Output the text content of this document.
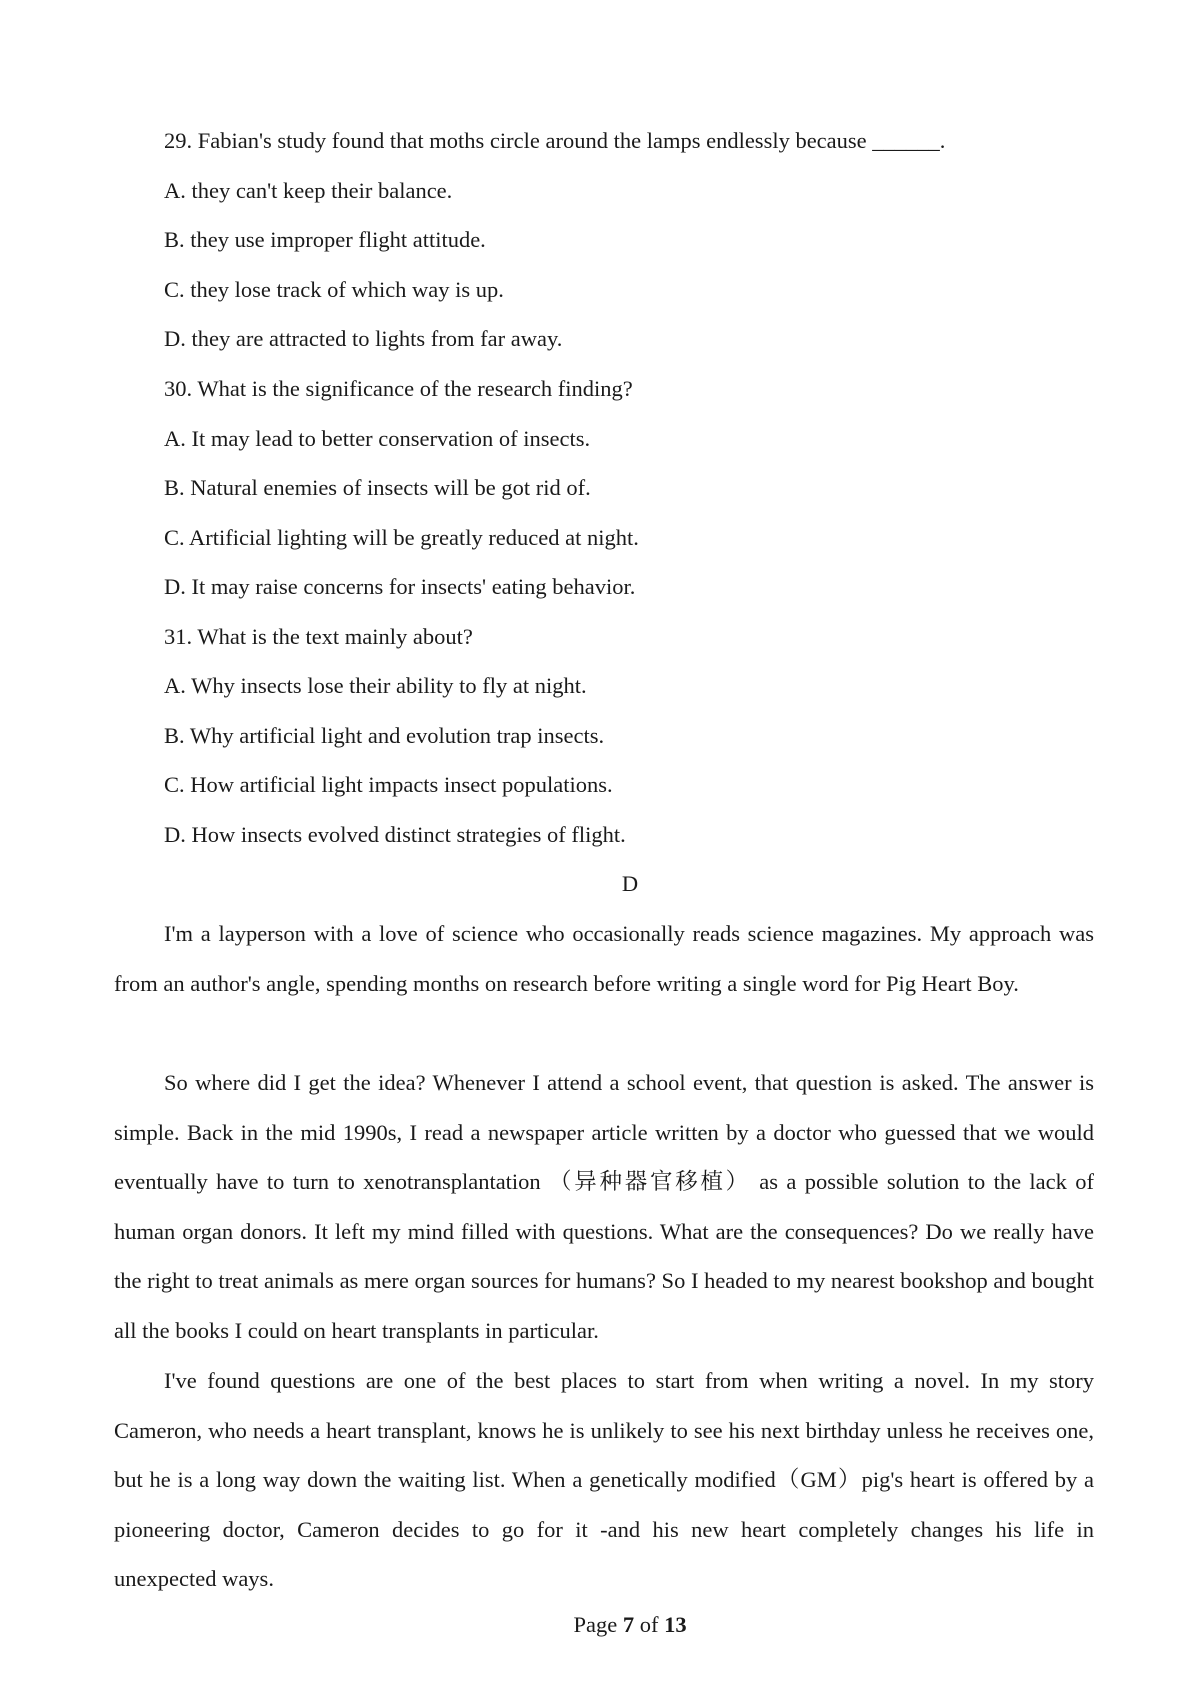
29. Fabian's study found that moths circle around the lamps endlessly because ______.
A. they can't keep their balance.
B. they use improper flight attitude.
C. they lose track of which way is up.
D. they are attracted to lights from far away.
30. What is the significance of the research finding?
A. It may lead to better conservation of insects.
B. Natural enemies of insects will be got rid of.
C. Artificial lighting will be greatly reduced at night.
D. It may raise concerns for insects' eating behavior.
31. What is the text mainly about?
A. Why insects lose their ability to fly at night.
B. Why artificial light and evolution trap insects.
C. How artificial light impacts insect populations.
D. How insects evolved distinct strategies of flight.
D

I'm a layperson with a love of science who occasionally reads science magazines. My approach was from an author's angle, spending months on research before writing a single word for Pig Heart Boy.

So where did I get the idea? Whenever I attend a school event, that question is asked. The answer is simple. Back in the mid 1990s, I read a newspaper article written by a doctor who guessed that we would eventually have to turn to xenotransplantation （异种器官移植） as a possible solution to the lack of human organ donors. It left my mind filled with questions. What are the consequences? Do we really have the right to treat animals as mere organ sources for humans? So I headed to my nearest bookshop and bought all the books I could on heart transplants in particular.

I've found questions are one of the best places to start from when writing a novel. In my story Cameron, who needs a heart transplant, knows he is unlikely to see his next birthday unless he receives one, but he is a long way down the waiting list. When a genetically modified（GM）pig's heart is offered by a pioneering doctor, Cameron decides to go for it -and his new heart completely changes his life in unexpected ways.

Page 7 of 13
